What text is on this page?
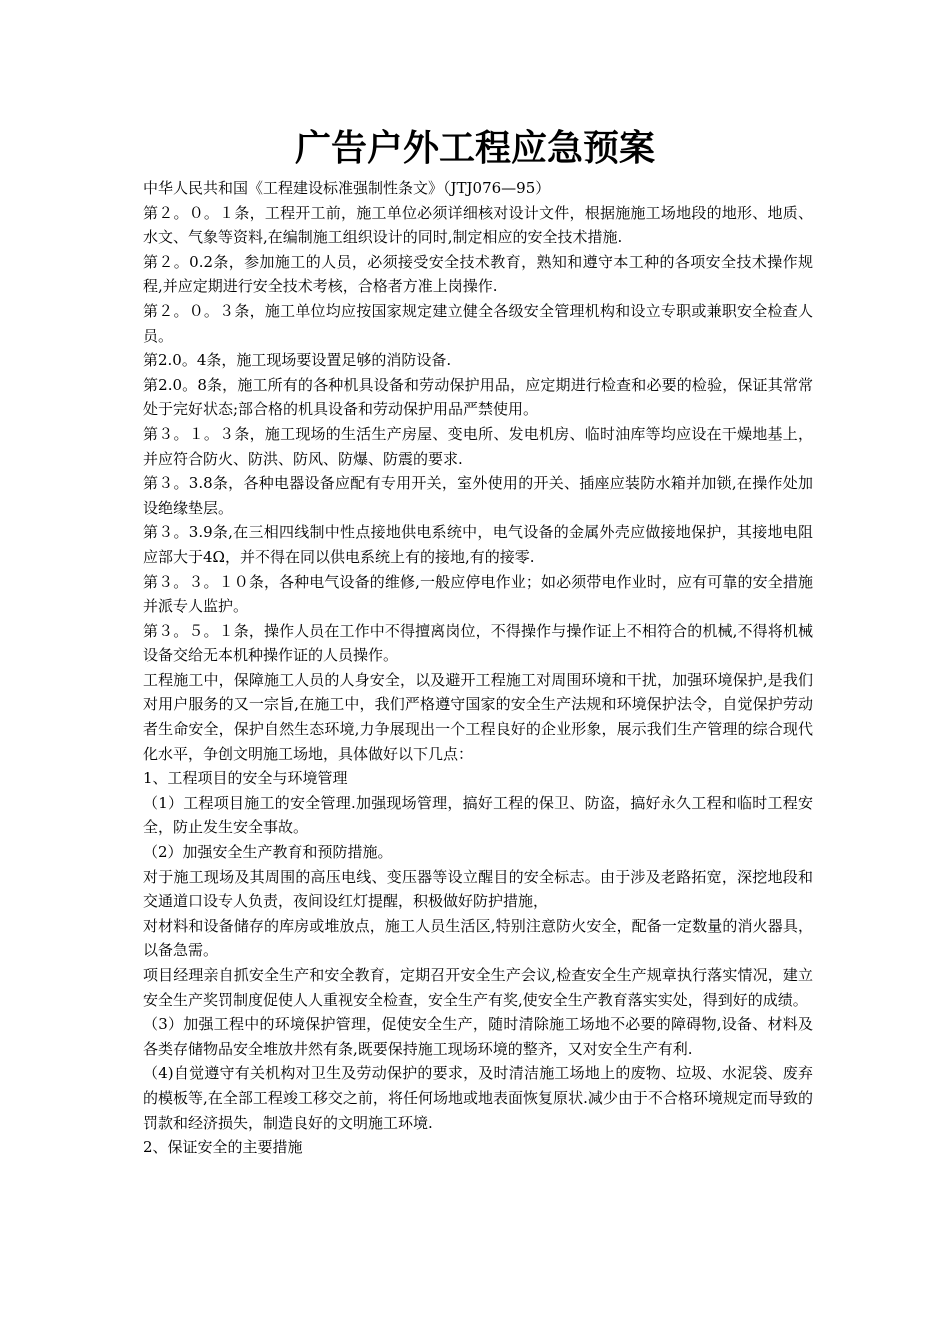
广告户外工程应急预案

中华人民共和国《工程建设标准强制性条文》（JTJ076—95）

第２。０。１条，工程开工前，施工单位必须详细核对设计文件，根据施施工场地段的地形、地质、水文、气象等资料,在编制施工组织设计的同时,制定相应的安全技术措施.

第２。0.2条，参加施工的人员，必须接受安全技术教育，熟知和遵守本工种的各项安全技术操作规程,并应定期进行安全技术考核，合格者方准上岗操作.

第２。０。３条，施工单位均应按国家规定建立健全各级安全管理机构和设立专职或兼职安全检查人员。

第2.0。4条，施工现场要设置足够的消防设备.

第2.0。8条，施工所有的各种机具设备和劳动保护用品，应定期进行检查和必要的检验，保证其常常处于完好状态;部合格的机具设备和劳动保护用品严禁使用。

第３。１。３条，施工现场的生活生产房屋、变电所、发电机房、临时油库等均应设在干燥地基上，并应符合防火、防洪、防风、防爆、防震的要求.

第３。3.8条，各种电器设备应配有专用开关，室外使用的开关、插座应装防水箱并加锁,在操作处加设绝缘垫层。

第３。3.9条,在三相四线制中性点接地供电系统中，电气设备的金属外壳应做接地保护，其接地电阻应部大于4Ω，并不得在同以供电系统上有的接地,有的接零.

第３。３。１０条，各种电气设备的维修,一般应停电作业；如必须带电作业时，应有可靠的安全措施并派专人监护。

第３。５。１条，操作人员在工作中不得擅离岗位，不得操作与操作证上不相符合的机械,不得将机械设备交给无本机种操作证的人员操作。

工程施工中，保障施工人员的人身安全，以及避开工程施工对周围环境和干扰，加强环境保护,是我们对用户服务的又一宗旨,在施工中，我们严格遵守国家的安全生产法规和环境保护法令，自觉保护劳动者生命安全，保护自然生态环境,力争展现出一个工程良好的企业形象，展示我们生产管理的综合现代化水平，争创文明施工场地，具体做好以下几点：

1、工程项目的安全与环境管理

（1）工程项目施工的安全管理.加强现场管理，搞好工程的保卫、防盗，搞好永久工程和临时工程安全，防止发生安全事故。

（2）加强安全生产教育和预防措施。

对于施工现场及其周围的高压电线、变压器等设立醒目的安全标志。由于涉及老路拓宽，深挖地段和交通道口设专人负责，夜间设红灯提醒，积极做好防护措施，

对材料和设备储存的库房或堆放点，施工人员生活区,特别注意防火安全，配备一定数量的消火器具，以备急需。

项目经理亲自抓安全生产和安全教育，定期召开安全生产会议,检查安全生产规章执行落实情况，建立安全生产奖罚制度促使人人重视安全检查，安全生产有奖,使安全生产教育落实实处，得到好的成绩。

（3）加强工程中的环境保护管理，促使安全生产，随时清除施工场地不必要的障碍物,设备、材料及各类存储物品安全堆放井然有条,既要保持施工现场环境的整齐，又对安全生产有利.

（4)自觉遵守有关机构对卫生及劳动保护的要求，及时清洁施工场地上的废物、垃圾、水泥袋、废弃的模板等,在全部工程竣工移交之前，将任何场地或地表面恢复原状.减少由于不合格环境规定而导致的罚款和经济损失，制造良好的文明施工环境.

2、保证安全的主要措施
